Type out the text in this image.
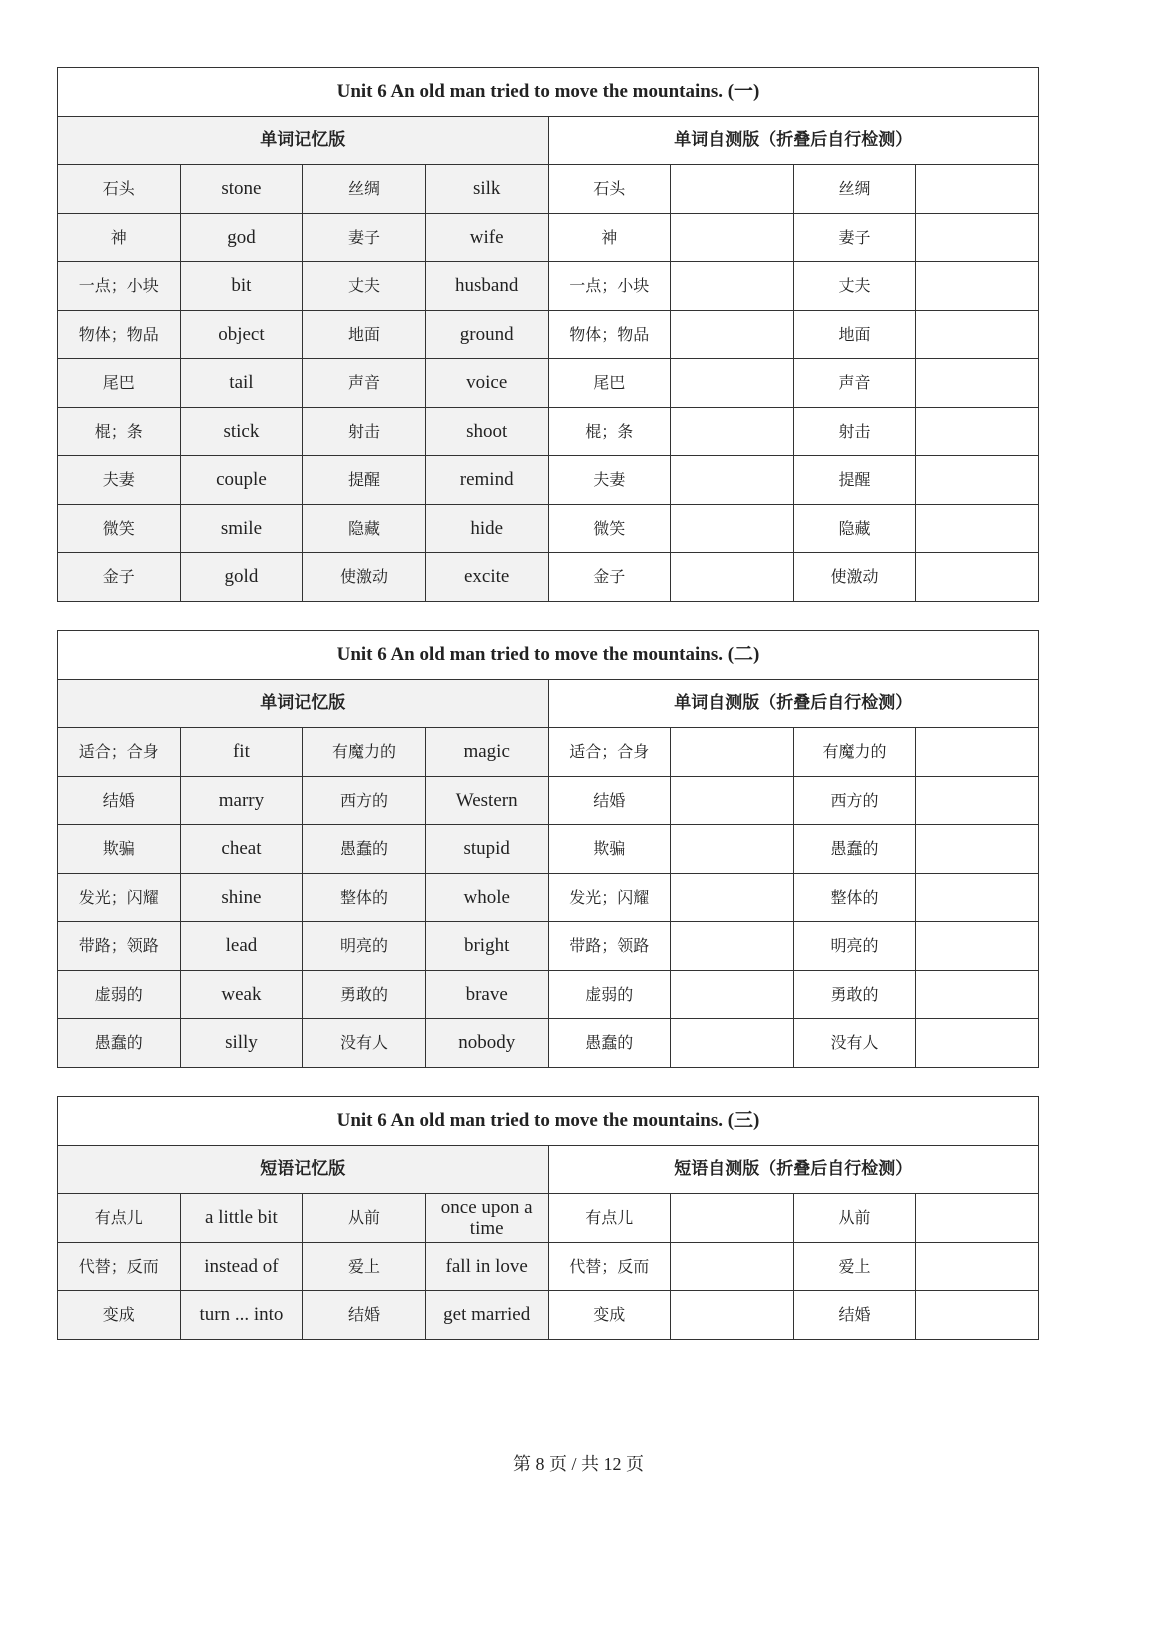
Unit 6 An old man tried to move the mountains. (一)							
单词记忆版				单词自测版（折叠后自行检测）			
石头	stone	丝绸	silk	石头		丝绸	
神	god	妻子	wife	神		妻子	
一点；小块	bit	丈夫	husband	一点；小块		丈夫	
物体；物品	object	地面	ground	物体；物品		地面	
尾巴	tail	声音	voice	尾巴		声音	
棍；条	stick	射击	shoot	棍；条		射击	
夫妻	couple	提醒	remind	夫妻		提醒	
微笑	smile	隐藏	hide	微笑		隐藏	
金子	gold	使激动	excite	金子		使激动	
Unit 6 An old man tried to move the mountains. (二)							
单词记忆版				单词自测版（折叠后自行检测）			
适合；合身	fit	有魔力的	magic	适合；合身		有魔力的	
结婚	marry	西方的	Western	结婚		西方的	
欺骗	cheat	愚蠢的	stupid	欺骗		愚蠢的	
发光；闪耀	shine	整体的	whole	发光；闪耀		整体的	
带路；领路	lead	明亮的	bright	带路；领路		明亮的	
虚弱的	weak	勇敢的	brave	虚弱的		勇敢的	
愚蠢的	silly	没有人	nobody	愚蠢的		没有人	
Unit 6 An old man tried to move the mountains. (三)							
短语记忆版				短语自测版（折叠后自行检测）			
有点儿	a little bit	从前	once upon a time	有点儿		从前	
代替；反而	instead of	爱上	fall in love	代替；反而		爱上	
变成	turn ... into	结婚	get married	变成		结婚	
第 8 页 / 共 12 页
